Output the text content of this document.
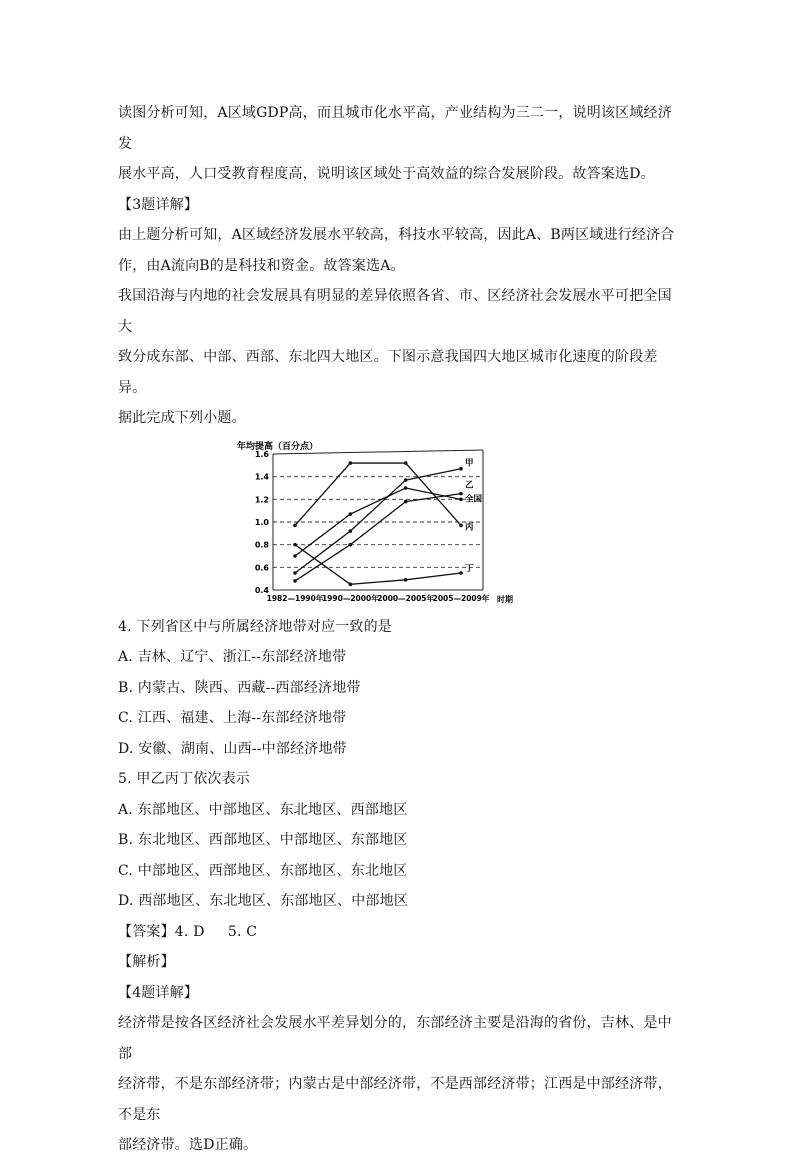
读图分析可知，A区域GDP高，而且城市化水平高，产业结构为三二一，说明该区域经济发

展水平高，人口受教育程度高，说明该区域处于高效益的综合发展阶段。故答案选D。

【3题详解】

由上题分析可知，A区域经济发展水平较高，科技水平较高，因此A、B两区域进行经济合

作，由A流向B的是科技和资金。故答案选A。

我国沿海与内地的社会发展具有明显的差异依照各省、市、区经济社会发展水平可把全国大

致分成东部、中部、西部、东北四大地区。下图示意我国四大地区城市化速度的阶段差异。

据此完成下列小题。

年均提高（百分点）
时期
1.6
1.4
1.2
1.0
0.8
0.6
0.4
1982—1990年
1990—2000年
2000—2005年
2005—2009年
甲
乙
全国
丙
丁

4. 下列省区中与所属经济地带对应一致的是

A. 吉林、辽宁、浙江--东部经济地带

B. 内蒙古、陕西、西藏--西部经济地带

C. 江西、福建、上海--东部经济地带

D. 安徽、湖南、山西--中部经济地带

5. 甲乙丙丁依次表示

A. 东部地区、中部地区、东北地区、西部地区

B. 东北地区、西部地区、中部地区、东部地区

C. 中部地区、西部地区、东部地区、东北地区

D. 西部地区、东北地区、东部地区、中部地区

【答案】4. D     5. C

【解析】

【4题详解】

经济带是按各区经济社会发展水平差异划分的，东部经济主要是沿海的省份，吉林、是中部

经济带，不是东部经济带；内蒙古是中部经济带，不是西部经济带；江西是中部经济带，不是东

部经济带。选D正确。
